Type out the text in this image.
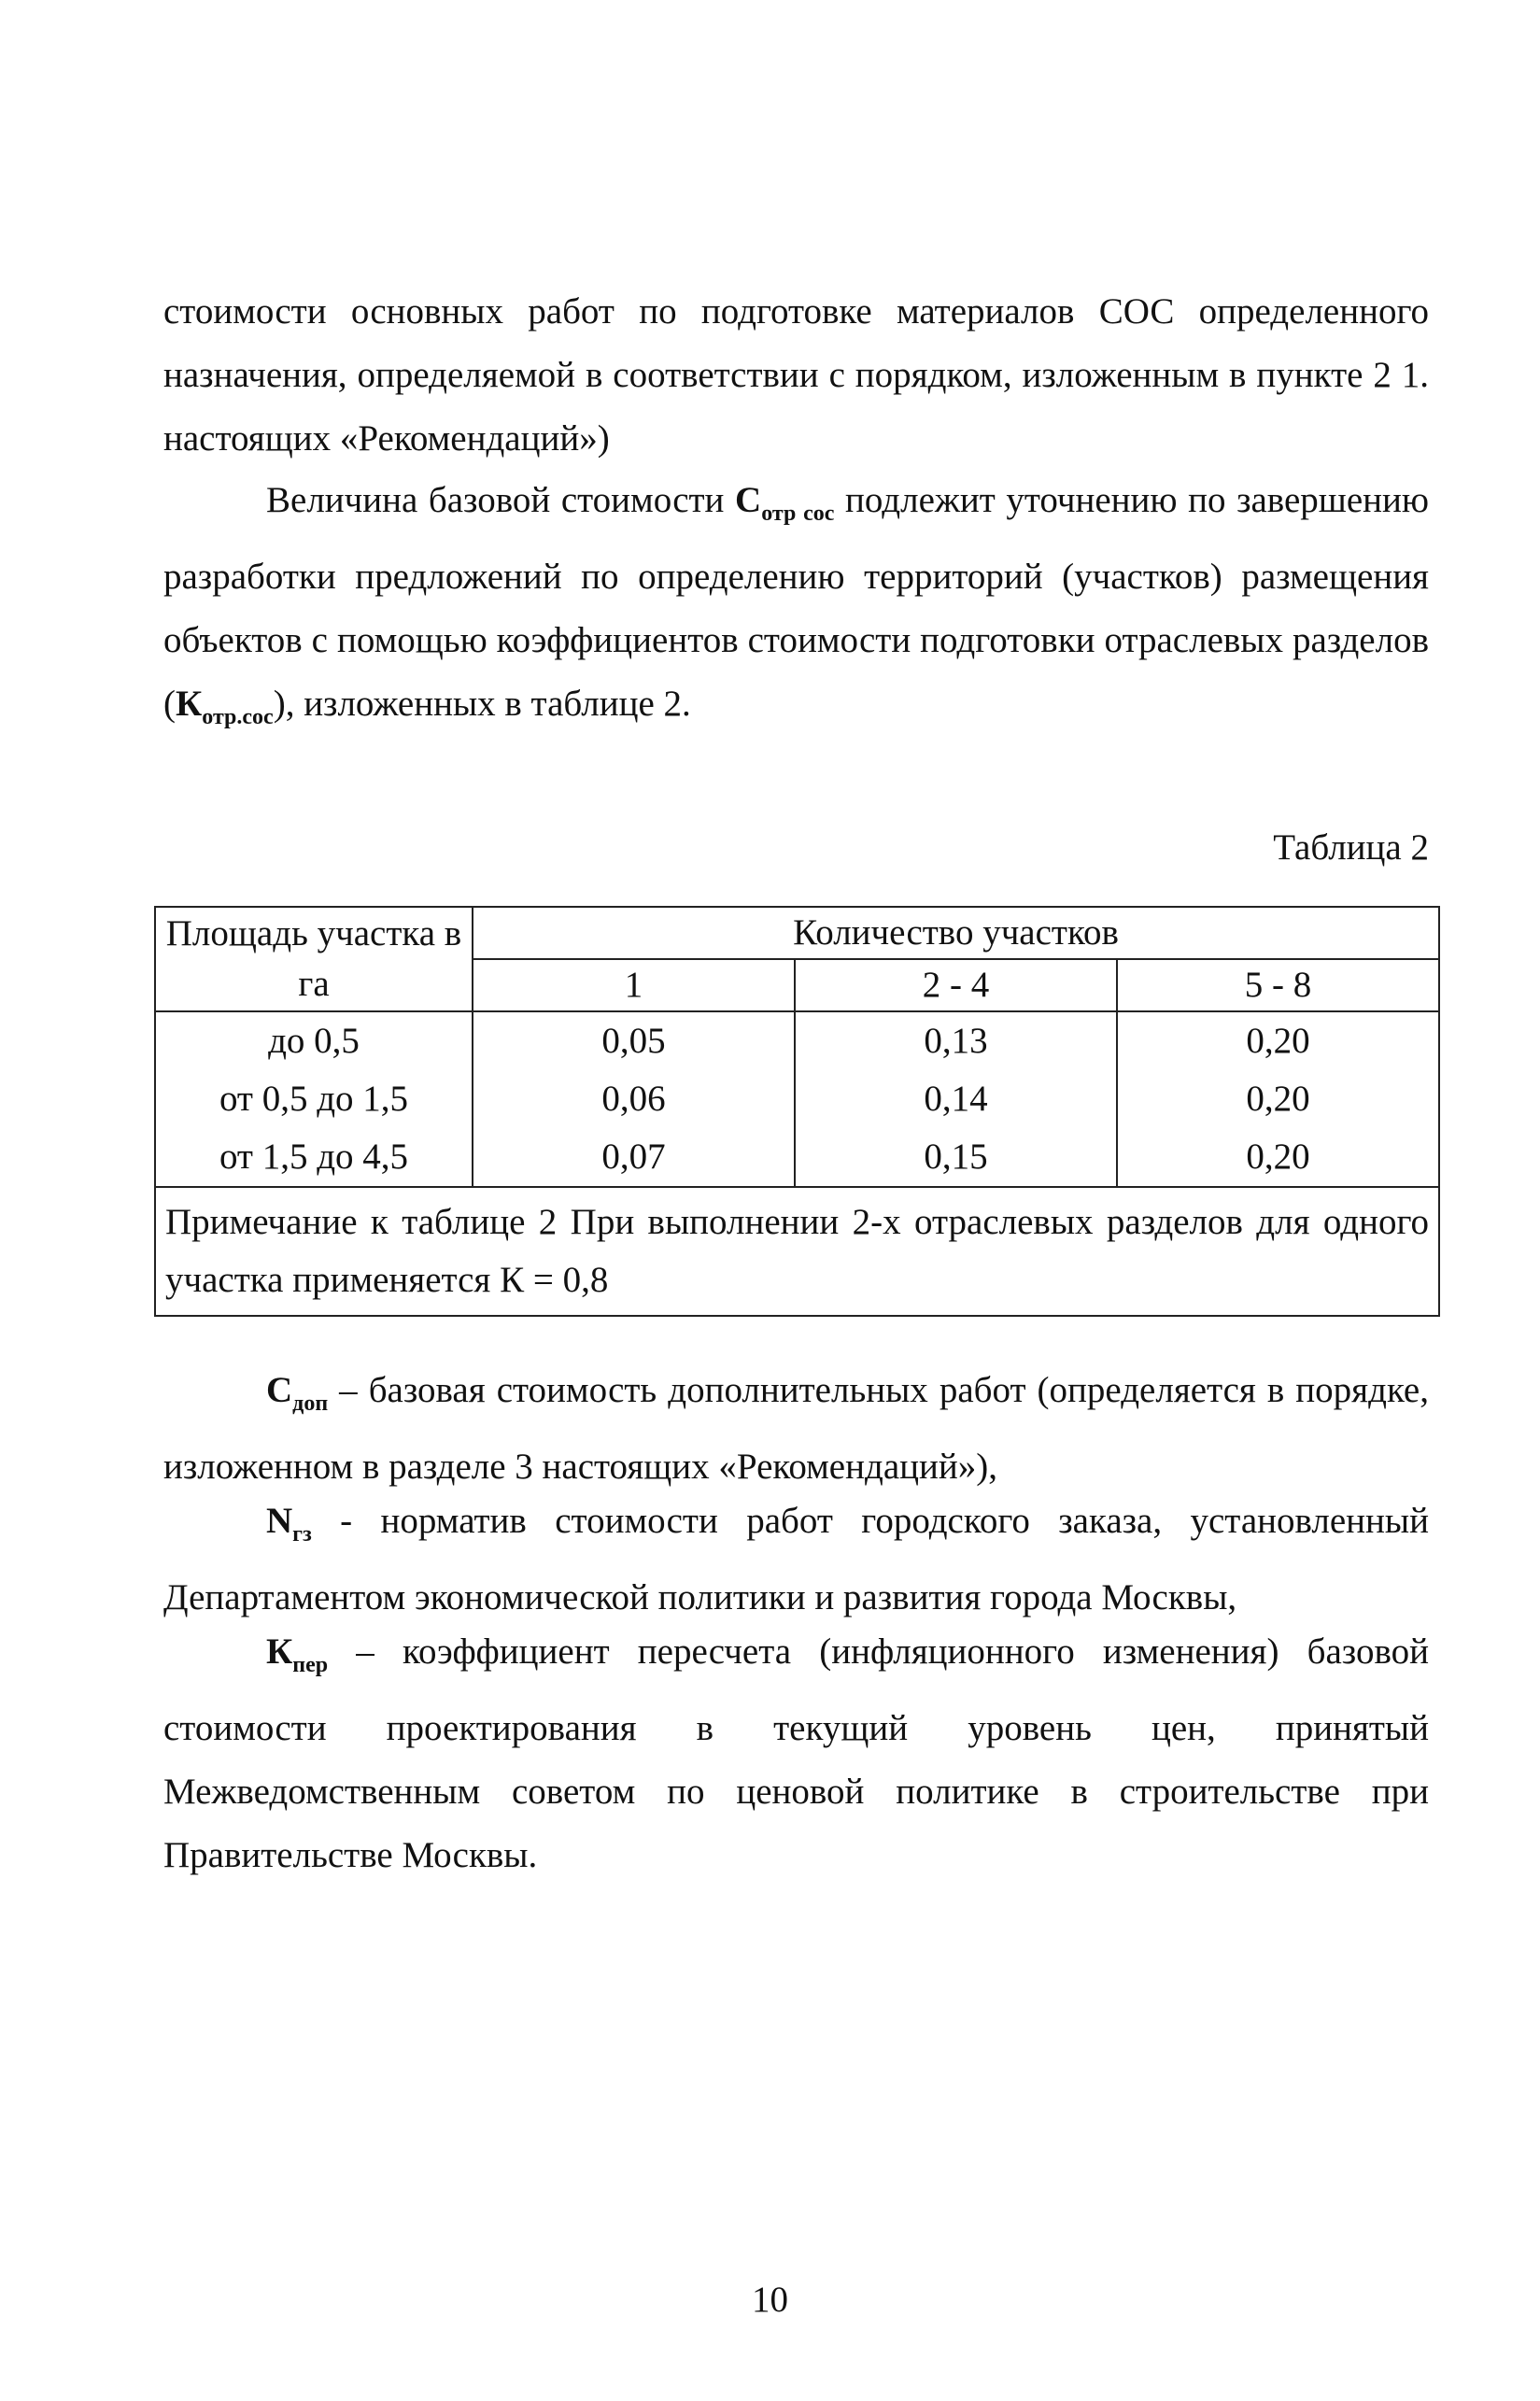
стоимости основных работ по подготовке материалов СОС определенного назначения, определяемой в соответствии с порядком, изложенным в пункте 2 1. настоящих «Рекомендаций»)

Величина базовой стоимости $С_{отр сос}$ подлежит уточнению по завершению разработки предложений по определению территорий (участков) размещения объектов с помощью коэффициентов стоимости подготовки отраслевых разделов $(К_{отр.сос})$, изложенных в таблице 2.

Таблица 2
Площадь участка в га	Количество участков		
	1	2 - 4	5 - 8
до 0,5	0,05	0,13	0,20
от 0,5 до 1,5	0,06	0,14	0,20
от 1,5 до 4,5	0,07	0,15	0,20
Примечание к таблице 2 При выполнении 2-х отраслевых разделов для одного участка применяется К = 0,8			

$С_{доп}$ – базовая стоимость дополнительных работ (определяется в порядке, изложенном в разделе 3 настоящих «Рекомендаций»),

$N_{гз}$ - норматив стоимости работ городского заказа, установленный Департаментом экономической политики и развития города Москвы,

$К_{пер}$ – коэффициент пересчета (инфляционного изменения) базовой стоимости проектирования в текущий уровень цен, принятый Межведомственным советом по ценовой политике в строительстве при Правительстве Москвы.

10
